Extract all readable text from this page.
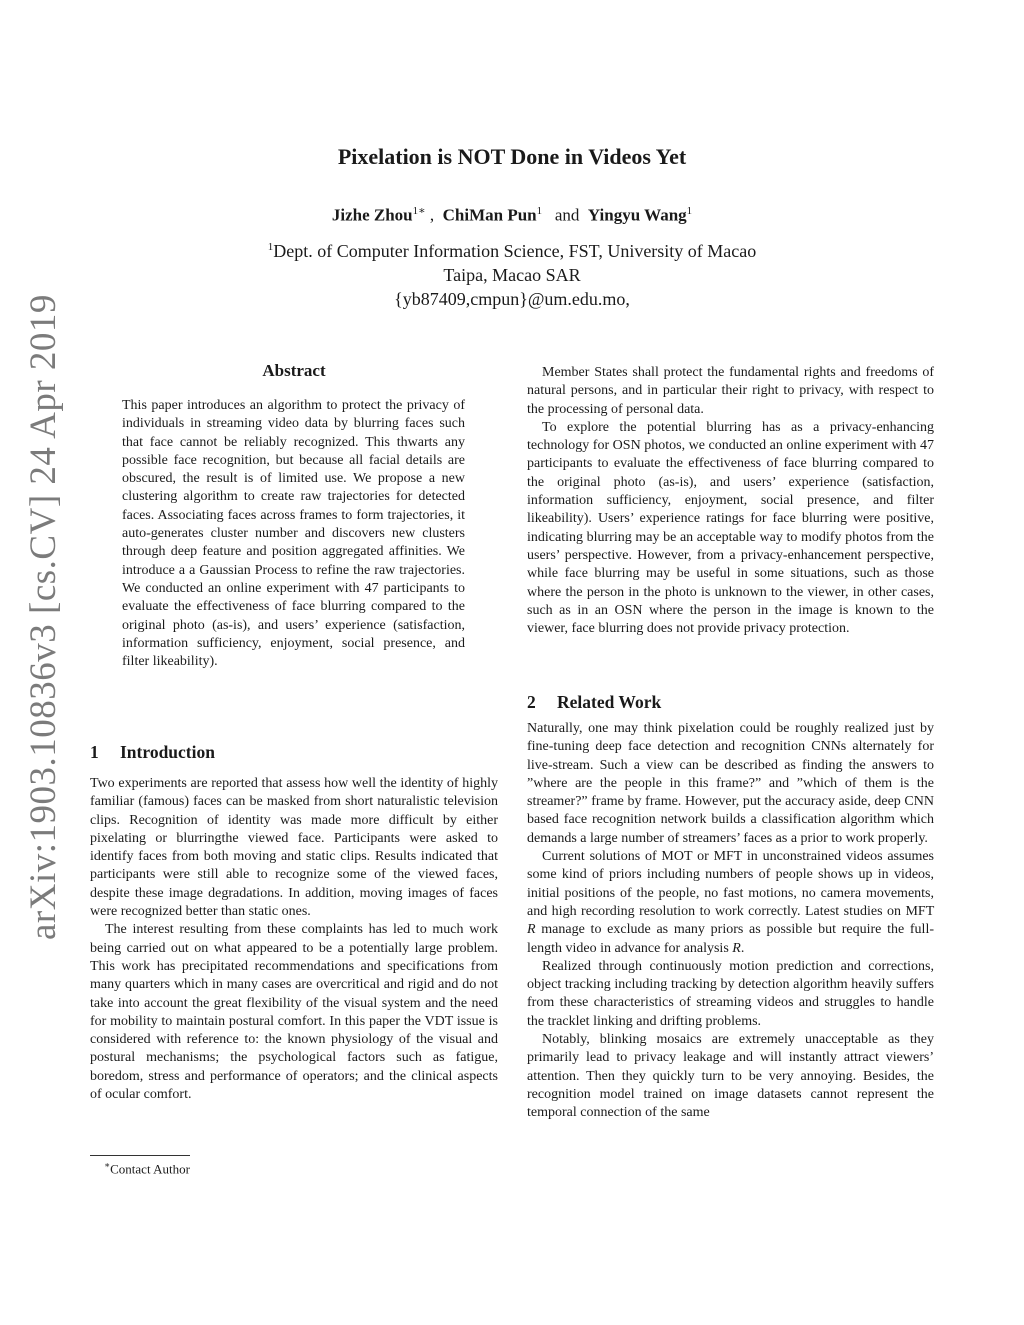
arXiv:1903.10836v3 [cs.CV] 24 Apr 2019
Pixelation is NOT Done in Videos Yet
Jizhe Zhou$^{1∗}$ , ChiMan Pun$^1$ and Yingyu Wang$^1$
$^1$Dept. of Computer Information Science, FST, University of Macao
Taipa, Macao SAR
{yb87409,cmpun}@um.edu.mo,
Abstract
This paper introduces an algorithm to protect the privacy of individuals in streaming video data by blurring faces such that face cannot be reliably recognized. This thwarts any possible face recognition, but because all facial details are obscured, the result is of limited use. We propose a new clustering algorithm to create raw trajectories for detected faces. Associating faces across frames to form trajectories, it auto-generates cluster number and discovers new clusters through deep feature and position aggregated affinities. We introduce a a Gaussian Process to refine the raw trajectories. We conducted an online experiment with 47 participants to evaluate the effectiveness of face blurring compared to the original photo (as-is), and users’ experience (satisfaction, information sufficiency, enjoyment, social presence, and filter likeability).
1 Introduction

Two experiments are reported that assess how well the identity of highly familiar (famous) faces can be masked from short naturalistic television clips. Recognition of identity was made more difficult by either pixelating or blurringthe viewed face. Participants were asked to identify faces from both moving and static clips. Results indicated that participants were still able to recognize some of the viewed faces, despite these image degradations. In addition, moving images of faces were recognized better than static ones.

The interest resulting from these complaints has led to much work being carried out on what appeared to be a potentially large problem. This work has precipitated recommendations and specifications from many quarters which in many cases are overcritical and rigid and do not take into account the great flexibility of the visual system and the need for mobility to maintain postural comfort. In this paper the VDT issue is considered with reference to: the known physiology of the visual and postural mechanisms; the psychological factors such as fatigue, boredom, stress and performance of operators; and the clinical aspects of ocular comfort.

∗Contact Author

Member States shall protect the fundamental rights and freedoms of natural persons, and in particular their right to privacy, with respect to the processing of personal data.

To explore the potential blurring has as a privacy-enhancing technology for OSN photos, we conducted an online experiment with 47 participants to evaluate the effectiveness of face blurring compared to the original photo (as-is), and users’ experience (satisfaction, information sufficiency, enjoyment, social presence, and filter likeability). Users’ experience ratings for face blurring were positive, indicating blurring may be an acceptable way to modify photos from the users’ perspective. However, from a privacy-enhancement perspective, while face blurring may be useful in some situations, such as those where the person in the photo is unknown to the viewer, in other cases, such as in an OSN where the person in the image is known to the viewer, face blurring does not provide privacy protection.

2 Related Work

Naturally, one may think pixelation could be roughly realized just by fine-tuning deep face detection and recognition CNNs alternately for live-stream. Such a view can be described as finding the answers to ”where are the people in this frame?” and ”which of them is the streamer?” frame by frame. However, put the accuracy aside, deep CNN based face recognition network builds a classification algorithm which demands a large number of streamers’ faces as a prior to work properly.

Current solutions of MOT or MFT in unconstrained videos assumes some kind of priors including numbers of people shows up in videos, initial positions of the people, no fast motions, no camera movements, and high recording resolution to work correctly. Latest studies on MFT R manage to exclude as many priors as possible but require the full-length video in advance for analysis R.

Realized through continuously motion prediction and corrections, object tracking including tracking by detection algorithm heavily suffers from these characteristics of streaming videos and struggles to handle the tracklet linking and drifting problems.

Notably, blinking mosaics are extremely unacceptable as they primarily lead to privacy leakage and will instantly attract viewers’ attention. Then they quickly turn to be very annoying. Besides, the recognition model trained on image datasets cannot represent the temporal connection of the same
